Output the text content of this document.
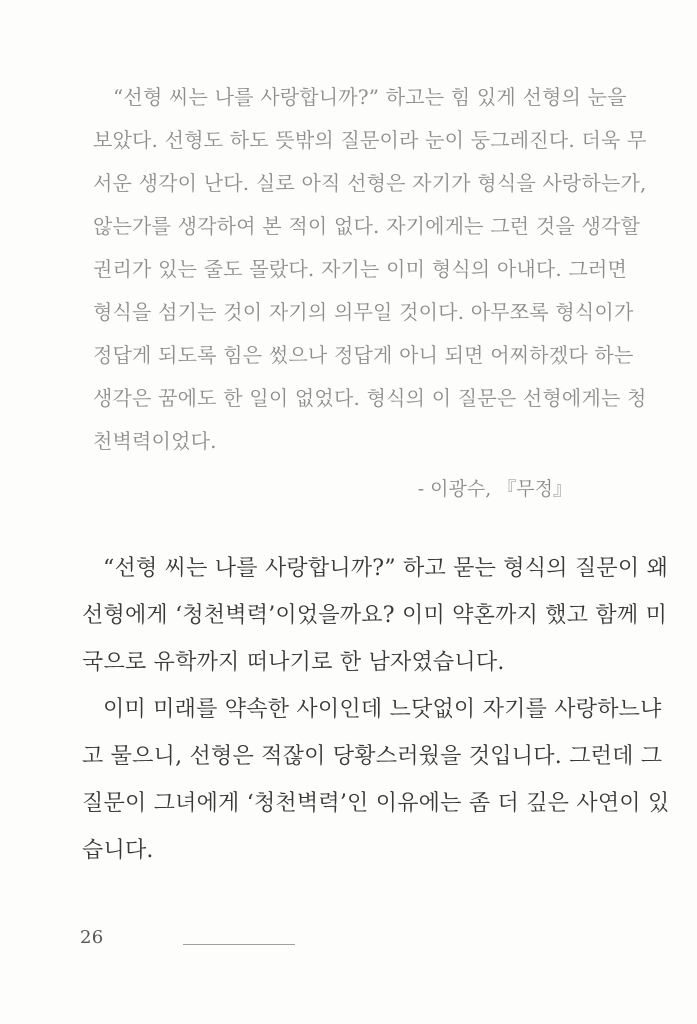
“선형 씨는 나를 사랑합니까?” 하고는 힘 있게 선형의 눈을
보았다. 선형도 하도 뜻밖의 질문이라 눈이 둥그레진다. 더욱 무
서운 생각이 난다. 실로 아직 선형은 자기가 형식을 사랑하는가,
않는가를 생각하여 본 적이 없다. 자기에게는 그런 것을 생각할
권리가 있는 줄도 몰랐다. 자기는 이미 형식의 아내다. 그러면
형식을 섬기는 것이 자기의 의무일 것이다. 아무쪼록 형식이가
정답게 되도록 힘은 썼으나 정답게 아니 되면 어찌하겠다 하는
생각은 꿈에도 한 일이 없었다. 형식의 이 질문은 선형에게는 청
천벽력이었다.
- 이광수, 『무정』
“선형 씨는 나를 사랑합니까?” 하고 묻는 형식의 질문이 왜
선형에게 ‘청천벽력’이었을까요? 이미 약혼까지 했고 함께 미
국으로 유학까지 떠나기로 한 남자였습니다.
이미 미래를 약속한 사이인데 느닷없이 자기를 사랑하느냐
고 물으니, 선형은 적잖이 당황스러웠을 것입니다. 그런데 그
질문이 그녀에게 ‘청천벽력’인 이유에는 좀 더 깊은 사연이 있
습니다.
26
